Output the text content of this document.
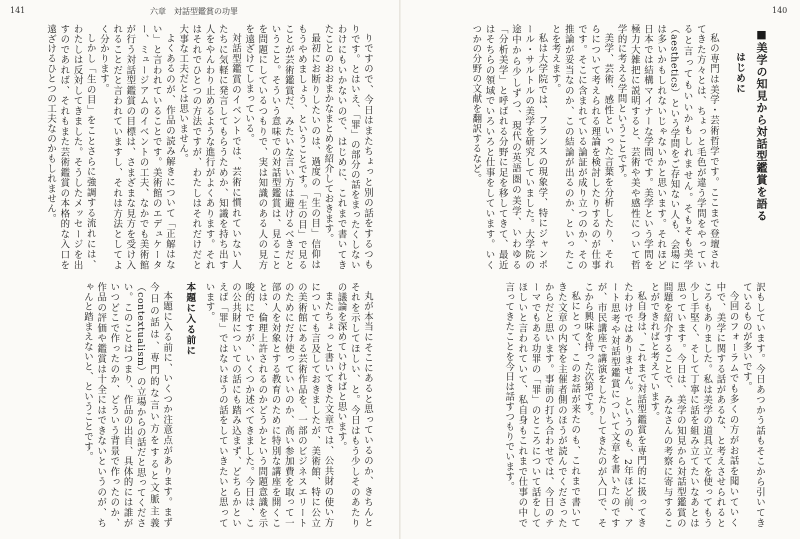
141	六章　対話型鑑賞の功罪

りですので、今日はまたちょっと別の話をするつもりです。とはいえ、「罪」の部分の話をまったくしないわけにもいかないので、はじめに、これまで書いてきたことのおおまかなまとめを紹介しておきます。

最初にお断りしたいのは、過度の「生の目」信仰はもうやめましょう、ということです。「生の目」で見ることが芸術鑑賞だ、みたいな言い方は避けるべきだということ。そういう意味での対話型鑑賞は、見ることを問題にしているつもりで、実は知識のある人の見方を遠ざけてしまっている。

対話型鑑賞のイベントでは、芸術に慣れていない人たちに気軽に発言してもらうためか、知識を持ち出す人をやんわり止めるような進行がよくあります。それはそれでひとつの方法ですが、わたしはそれだけだと大事な工夫だとは思いません。

よくあるのが、作品の読み解きについて「正解はない」と言われていることです。美術館のエデュケーター、ミュージアムのイベントの工夫、なかでも美術館が行う対話型鑑賞の目標は、さまざまな見方を受け入れることだと言われていますし、それは方法としてよく分かります。

しかし「生の目」をことさらに強調する流れには、わたしは反対してきました。そうしたメッセージを出すのであれば、それもまた芸術鑑賞の本格的な入口を遠ざけるひとつの工夫なのかもしれません。

丸が本当にそこにあると思っているのか、きちんとそれを示してほしい、と。今日はもう少しそのあたりの議論を深めていければと思います。

またちょっと書いてきた文章では、公共財の使い方についても言及しておきましたが、美術館、特に公立の美術館にある芸術作品を、一部のビジネスエリートのためにだけ使っていいのか、高い参加費を取って一部の人を対象とする教育のために特別な講座を開くことは、倫理上許されるのかどうかという問題意識を示唆的にですが、いくつか述べてきました。今日は、この公共財についての話にも踏み込まず、どちらかといえば「罪」ではないほうの話をしていきたいと思っています。

本題に入る前に

本題に入る前に、いくつか注意点があります。まず今日の話は、専門的な言い方をすると文脈主義（contextualism）の立場からの話だと思ってください。このことはつまり、作品の出自、具体的には誰がいつどこで作ったのか、どういう背景で作ったのか、作品の評価や鑑賞は十全にはできないというのが、ちゃんと踏まえないと、ということです。

140
■美学の知見から対話型鑑賞を語る
はじめに

私の専門は美学・芸術哲学です。ここまで登壇されてきた方々とは、ちょっと毛色が違う学問をやっていると言ってもいいかもしれません。そもそも美学（aesthetics）という学問をご存知ない人も、会場には多いかもしれないじゃないかと思います。それほど日本では結構マイナーな学問です。美学という学問を極力大雑把に説明すると、芸術や美や感性について哲学的に考える学問ということです。

美学、芸術、感性といった言葉を分析したり、それらについて考えられる理論を検討したりするのが仕事です。そこに含まれている論証が成り立つのか、その推論が妥当なのか、この結論が出るのか、といったことを考えます。

私は大学院では、フランスの現象学、特にジャンポール・サルトルの美学を研究していました。大学院の途中から少しずつ、現代の英語圏の美学、いわゆる「分析美学」と呼ばれる分野に足を移してきて、最近はそちらの領域でいろいろと仕事をしています。いくつかの分野の文献を翻訳するなど。

訳もしています。今日あつかう話もそこから引いてきているものが多いです。

今回のフォーラムでも多くの方がお話を聞いていく中で、美学に関する話があるな、と考えさせられるところもありました。私は美学の道具立てを使ってもう少し手堅く、そして丁寧に話を組み立てたいなあとは思っています。今日は、美学の知見から対話型鑑賞の問題を紹介することで、みなさんの考察に寄与することができればと考えています。

私自身は、これまで対話型鑑賞を専門的に扱ってきたわけではありません。というのも、2年ほど前、アート思考や対話型鑑賞について文章を書いたのですが、市民講座で講演をしたりしてきたのが入口で、そこから興味を持った次第です。

私にとって、このお話が来たのも、これまで書いてきた文章の内容を主催者側のほうが読んでくださったからだと思います。事前の打ち合わせでは、今日のテーマでもある功罪の「罪」のところについて話をしてほしいと言われていて、私自身もこれまで仕事の中で言ってきたことを今日は話すつもりでいます。
